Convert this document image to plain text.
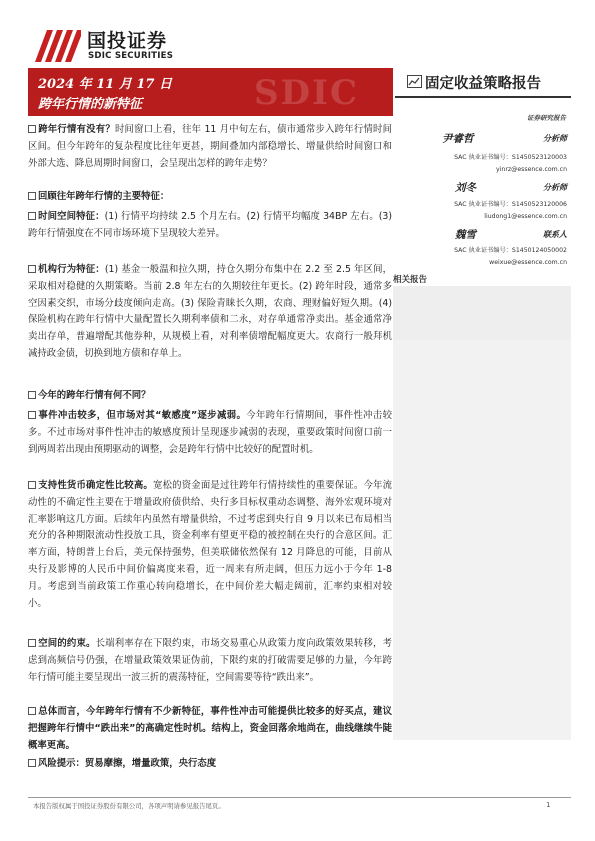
国投证券
SDIC SECURITIES
SDIC
2024 年 11 月 17 日
跨年行情的新特征
固定收益策略报告
证券研究报告
尹睿哲	分析师
SAC 执业证书编号：S1450523120003
yinrz@essence.com.cn
刘冬	分析师
SAC 执业证书编号：S1450523120006
liudong1@essence.com.cn
魏雪	联系人
SAC 执业证书编号：S1450124050002
weixue@essence.com.cn
相关报告

跨年行情有没有？时间窗口上看，往年 11 月中旬左右，债市通常步入跨年行情时间区间。但今年跨年的复杂程度比往年更甚，期间叠加内部稳增长、增量供给时间窗口和外部大选、降息周期时间窗口，会呈现出怎样的跨年走势？

回顾往年跨年行情的主要特征：

时间空间特征：(1) 行情平均持续 2.5 个月左右。(2) 行情平均幅度 34BP 左右。(3) 跨年行情强度在不同市场环境下呈现较大差异。

机构行为特征：(1) 基金一般温和拉久期，持仓久期分布集中在 2.2 至 2.5 年区间，采取相对稳健的久期策略。当前 2.8 年左右的久期较往年更长。(2) 跨年时段，通常多空因素交织，市场分歧度倾向走高。(3) 保险青睐长久期，农商、理财偏好短久期。(4) 保险机构在跨年行情中大量配置长久期利率债和二永，对存单通常净卖出。基金通常净卖出存单，普遍增配其他券种，从规模上看，对利率债增配幅度更大。农商行一般拜机减持政金债，切换到地方债和存单上。

今年的跨年行情有何不同？

事件冲击较多，但市场对其“敏感度”逐步减弱。今年跨年行情期间，事件性冲击较多。不过市场对事件性冲击的敏感度预计呈现逐步减弱的表现，重要政策时间窗口前一到两周若出现由预期驱动的调整，会是跨年行情中比较好的配置时机。

支持性货币确定性比较高。宽松的资金面是过往跨年行情持续性的重要保证。今年流动性的不确定性主要在于增量政府债供给、央行多目标权重动态调整、海外宏观环境对汇率影响这几方面。后续年内虽然有增量供给，不过考虑到央行自 9 月以来已布局相当充分的各种期限流动性投放工具，资金利率有望更平稳的被控制在央行的合意区间。汇率方面，特朗普上台后，美元保持强势，但美联储依然保有 12 月降息的可能，目前从央行及影博的人民币中间价偏离度来看，近一周来有所走阔，但压力远小于今年 1-8 月。考虑到当前政策工作重心转向稳增长，在中间价差大幅走阔前，汇率约束相对较小。

空间的约束。长端利率存在下限约束，市场交易重心从政策力度向政策效果转移，考虑到高频信号仍强，在增量政策效果证伪前，下限约束的打破需要足够的力量，今年跨年行情可能主要呈现出一波三折的震荡特征，空间需要等待“跌出来”。

总体而言，今年跨年行情有不少新特征，事件性冲击可能提供比较多的好买点，建议把握跨年行情中“跌出来”的高确定性时机。结构上，资金回落余地尚在，曲线继续牛陡概率更高。

风险提示：贸易摩擦，增量政策，央行态度

本报告版权属于国投证券股份有限公司，各项声明请参见报告尾页。	1
